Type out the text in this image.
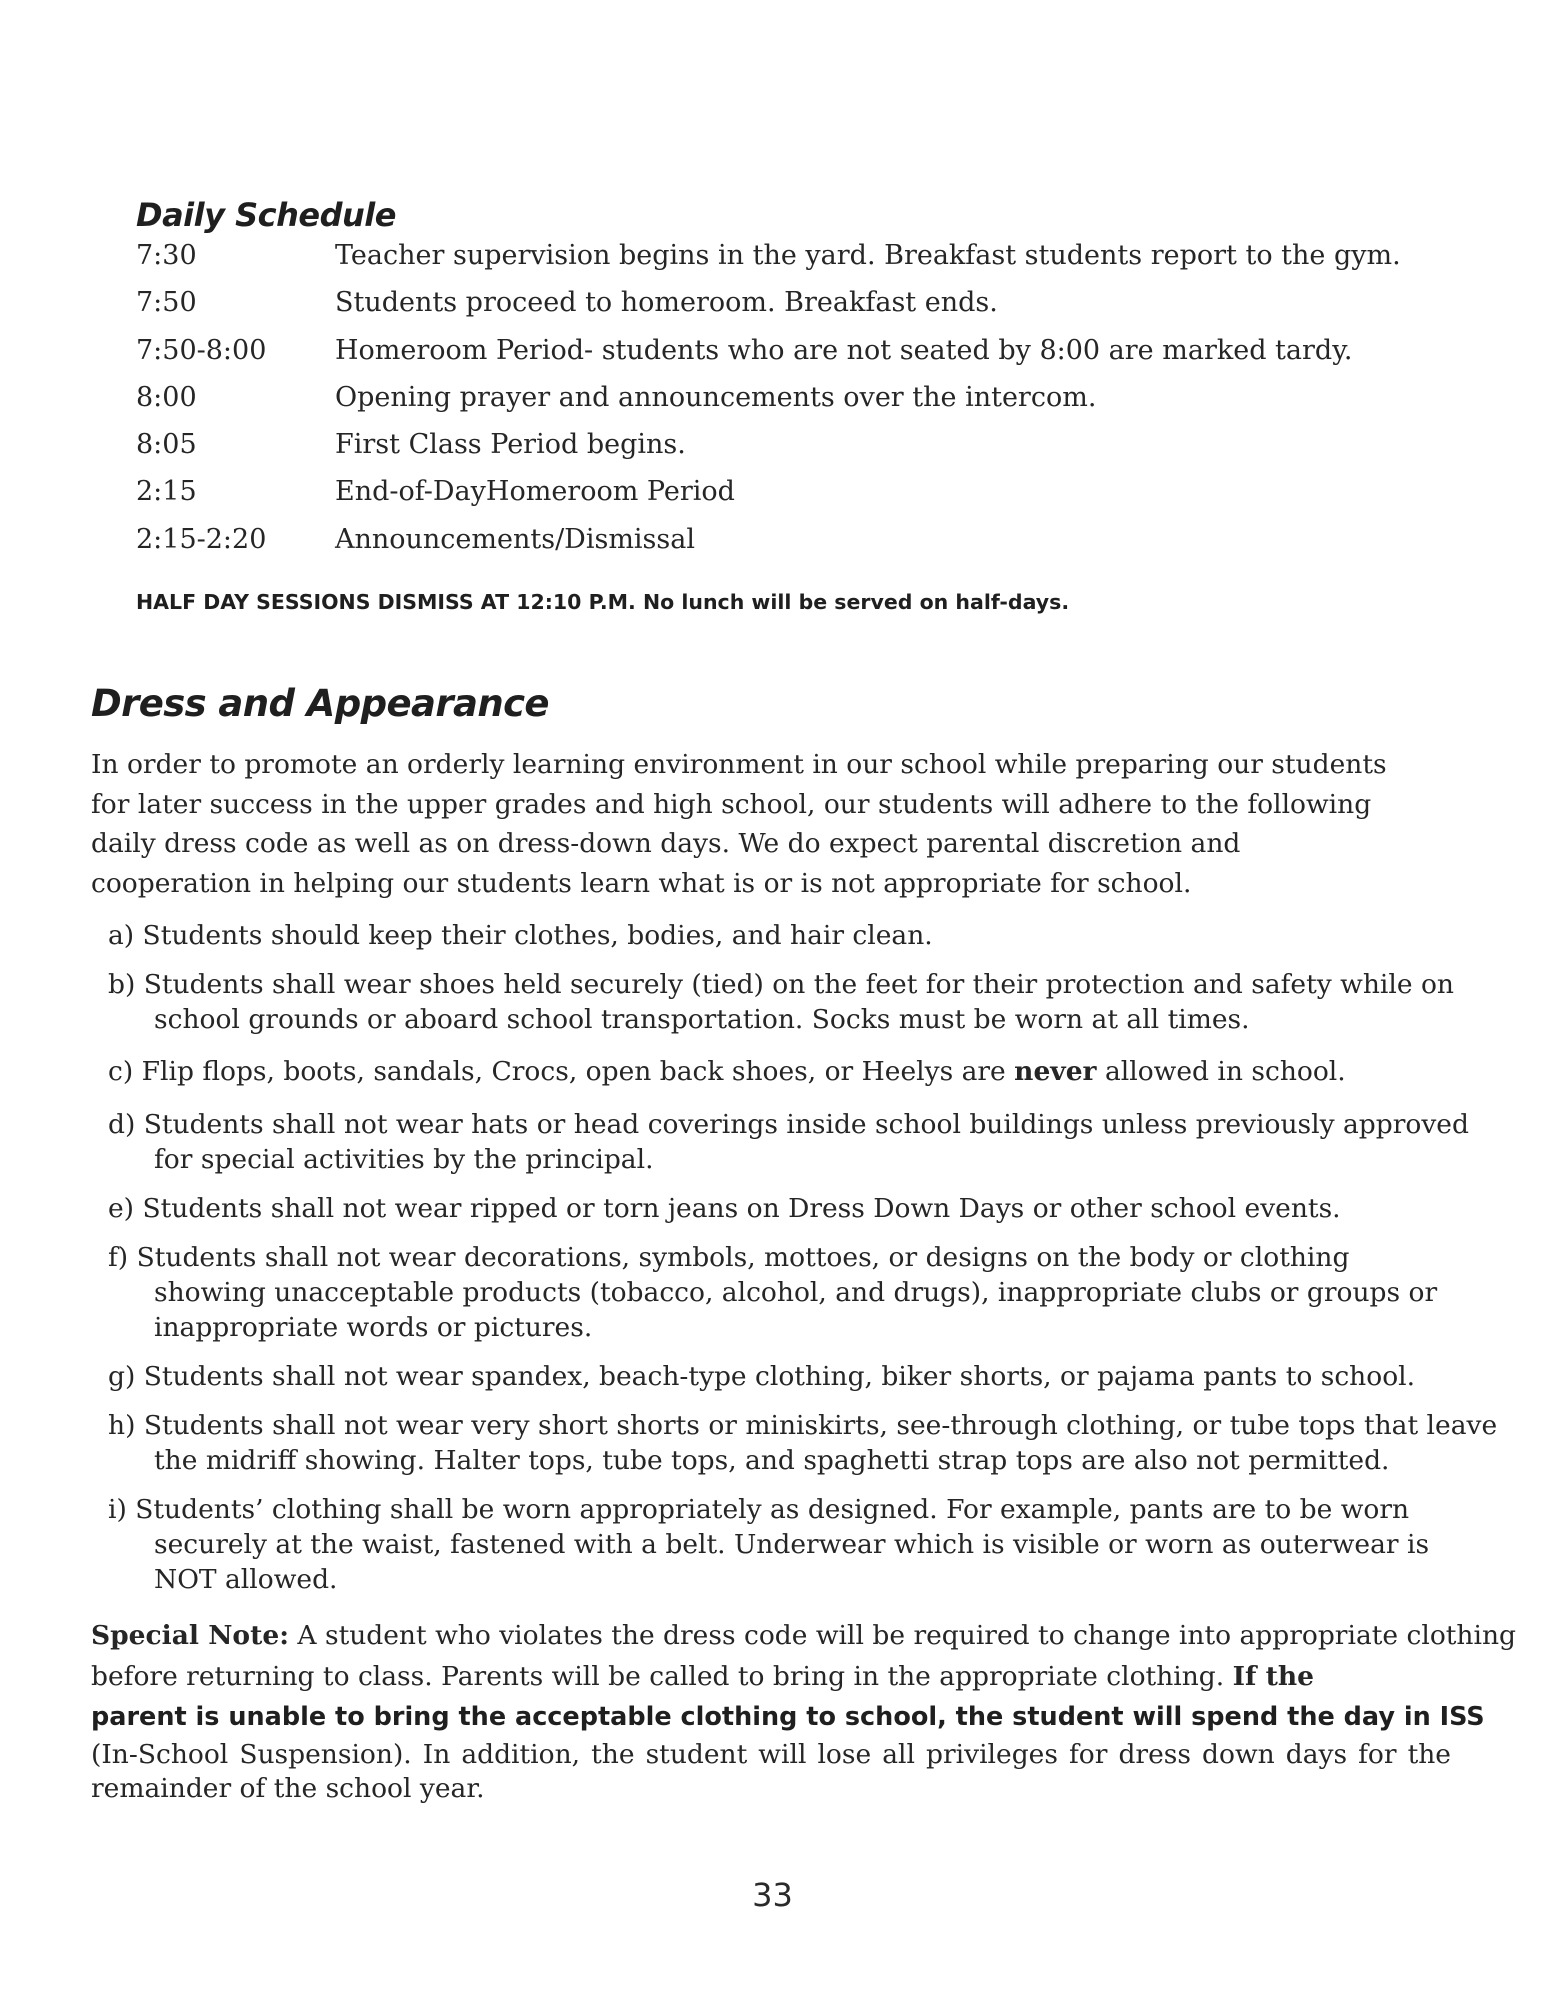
Daily Schedule
7:30	Teacher supervision begins in the yard. Breakfast students report to the gym.
7:50	Students proceed to homeroom. Breakfast ends.
7:50-8:00	Homeroom Period- students who are not seated by 8:00 are marked tardy.
8:00	Opening prayer and announcements over the intercom.
8:05	First Class Period begins.
2:15	End-of-DayHomeroom Period
2:15-2:20	Announcements/Dismissal
HALF DAY SESSIONS DISMISS AT 12:10 P.M. No lunch will be served on half-days.
Dress and Appearance
In order to promote an orderly learning environment in our school while preparing our students
for later success in the upper grades and high school, our students will adhere to the following
daily dress code as well as on dress-down days. We do expect parental discretion and
cooperation in helping our students learn what is or is not appropriate for school.
a) Students should keep their clothes, bodies, and hair clean.
b) Students shall wear shoes held securely (tied) on the feet for their protection and safety while on
school grounds or aboard school transportation. Socks must be worn at all times.
c) Flip flops, boots, sandals, Crocs, open back shoes, or Heelys are never allowed in school.
d) Students shall not wear hats or head coverings inside school buildings unless previously approved
for special activities by the principal.
e) Students shall not wear ripped or torn jeans on Dress Down Days or other school events.
f) Students shall not wear decorations, symbols, mottoes, or designs on the body or clothing
showing unacceptable products (tobacco, alcohol, and drugs), inappropriate clubs or groups or
inappropriate words or pictures.
g) Students shall not wear spandex, beach-type clothing, biker shorts, or pajama pants to school.
h) Students shall not wear very short shorts or miniskirts, see-through clothing, or tube tops that leave
the midriff showing. Halter tops, tube tops, and spaghetti strap tops are also not permitted.
i) Students’ clothing shall be worn appropriately as designed. For example, pants are to be worn
securely at the waist, fastened with a belt. Underwear which is visible or worn as outerwear is
NOT allowed.
Special Note: A student who violates the dress code will be required to change into appropriate clothing
before returning to class. Parents will be called to bring in the appropriate clothing. If the
parent is unable to bring the acceptable clothing to school, the student will spend the day in ISS
(In-School Suspension). In addition, the student will lose all privileges for dress down days for the
remainder of the school year.
33
